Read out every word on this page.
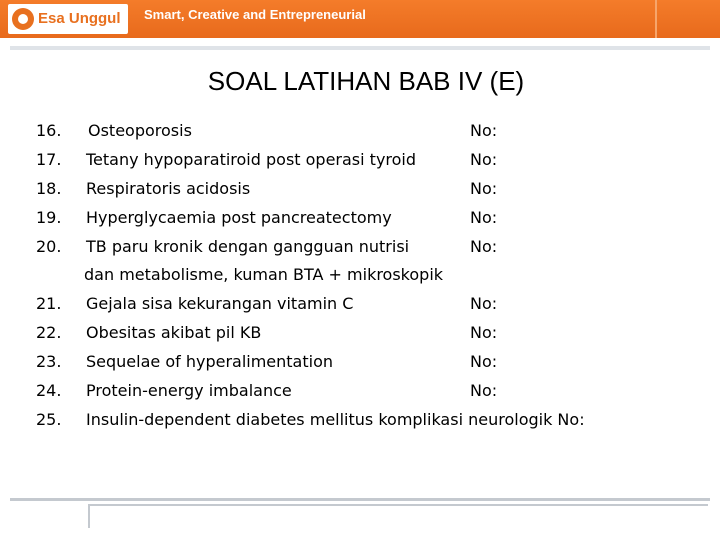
Esa Unggul Smart, Creative and Entrepreneurial
SOAL LATIHAN BAB IV (E)
16. Osteoporosis	No:
17. Tetany hypoparatiroid post operasi tyroid	No:
18. Respiratoris acidosis	No:
19. Hyperglycaemia post pancreatectomy	No:
20. TB paru kronik dengan gangguan nutrisi	No:
dan metabolisme, kuman BTA + mikroskopik
21. Gejala sisa kekurangan vitamin C	No:
22. Obesitas akibat pil KB	No:
23. Sequelae of hyperalimentation	No:
24. Protein-energy imbalance	No:
25. Insulin-dependent diabetes mellitus komplikasi neurologik No:
